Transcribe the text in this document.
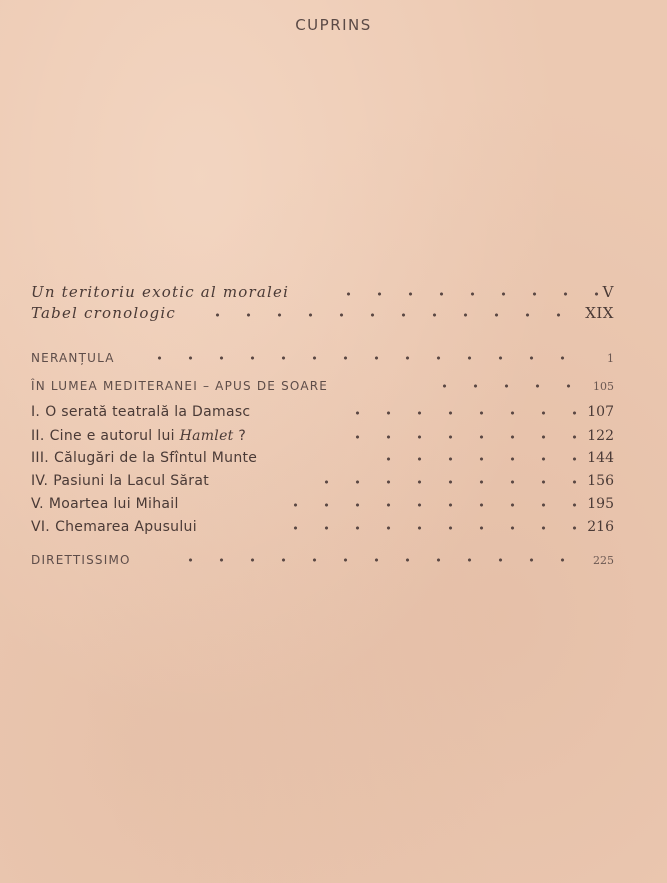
CUPRINS
Un teritoriu exotic al moralei	V
Tabel cronologic	XIX
NERANȚULA	1
ÎN LUMEA MEDITERANEI – APUS DE SOARE	105
I. O serată teatrală la Damasc	107
II. Cine e autorul lui Hamlet ?	122
III. Călugări de la Sfîntul Munte	144
IV. Pasiuni la Lacul Sărat	156
V. Moartea lui Mihail	195
VI. Chemarea Apusului	216
DIRETTISSIMO	225
